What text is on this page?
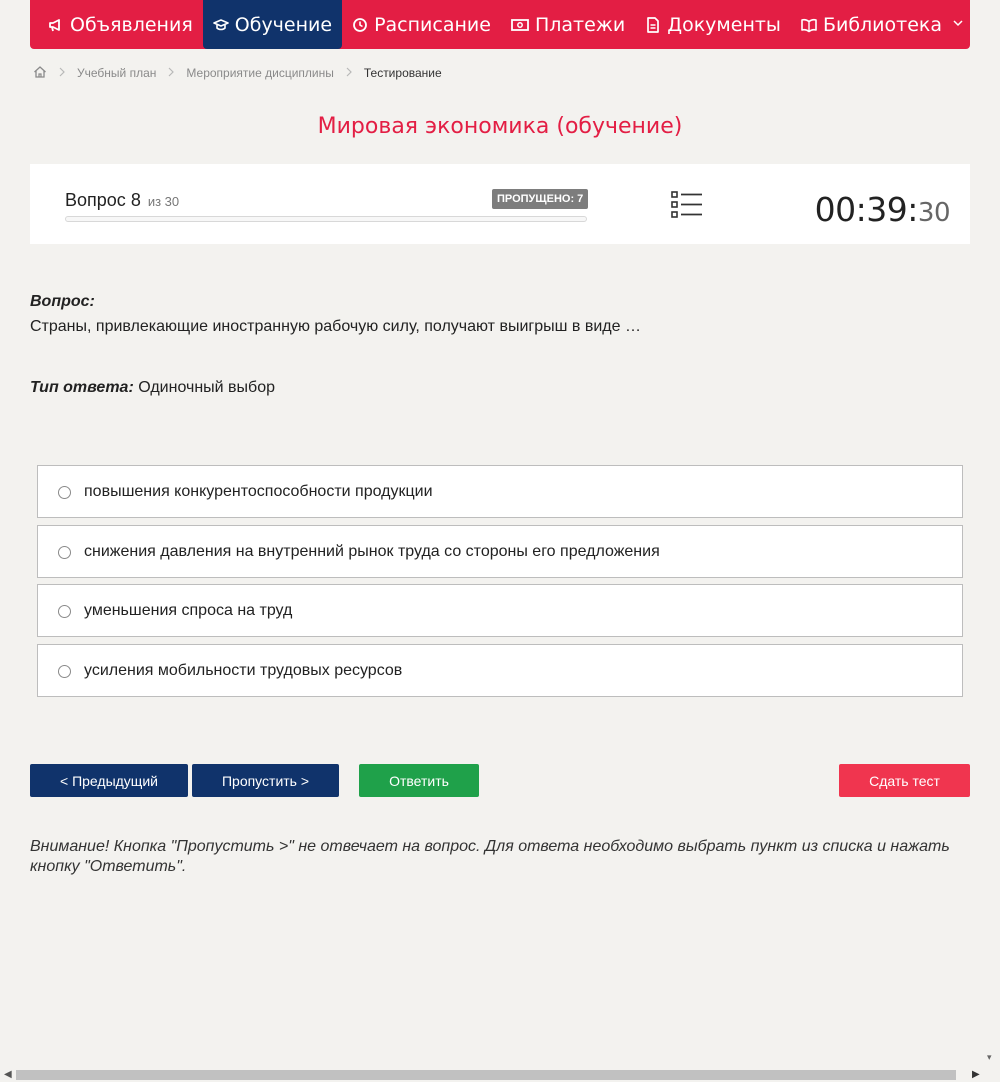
Объявления Обучение Расписание Платежи Документы Библиотека
Учебный план	Мероприятие дисциплины	Тестирование
Мировая экономика (обучение)
Вопрос 8 из 30	ПРОПУЩЕНО: 7	00:39:30
Вопрос:
Страны, привлекающие иностранную рабочую силу, получают выигрыш в виде …
Тип ответа: Одиночный выбор
повышения конкурентоспособности продукции
снижения давления на внутренний рынок труда со стороны его предложения
уменьшения спроса на труд
усиления мобильности трудовых ресурсов
< Предыдущий	Пропустить >	Ответить	Сдать тест
Внимание! Кнопка "Пропустить >" не отвечает на вопрос. Для ответа необходимо выбрать пункт из списка и нажать кнопку "Ответить".
▾
◀	▶
